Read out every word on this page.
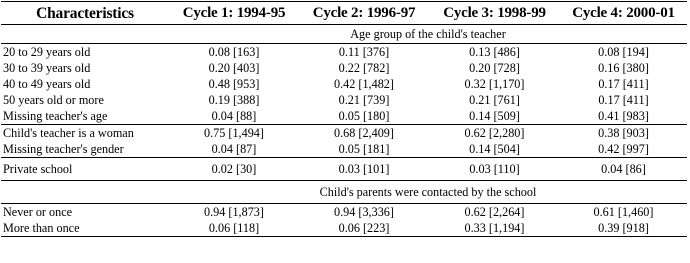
Characteristics	Cycle 1: 1994-95	Cycle 2: 1996-97	Cycle 3: 1998-99	Cycle 4: 2000-01
	Age group of the child's teacher			
20 to 29 years old	0.08 [163]	0.11 [376]	0.13 [486]	0.08 [194]
30 to 39 years old	0.20 [403]	0.22 [782]	0.20 [728]	0.16 [380]
40 to 49 years old	0.48 [953]	0.42 [1,482]	0.32 [1,170]	0.17 [411]
50 years old or more	0.19 [388]	0.21 [739]	0.21 [761]	0.17 [411]
Missing teacher's age	0.04 [88]	0.05 [180]	0.14 [509]	0.41 [983]
Child's teacher is a woman	0.75 [1,494]	0.68 [2,409]	0.62 [2,280]	0.38 [903]
Missing teacher's gender	0.04 [87]	0.05 [181]	0.14 [504]	0.42 [997]
Private school	0.02 [30]	0.03 [101]	0.03 [110]	0.04 [86]
	Child's parents were contacted by the school			
Never or once	0.94 [1,873]	0.94 [3,336]	0.62 [2,264]	0.61 [1,460]
More than once	0.06 [118]	0.06 [223]	0.33 [1,194]	0.39 [918]
